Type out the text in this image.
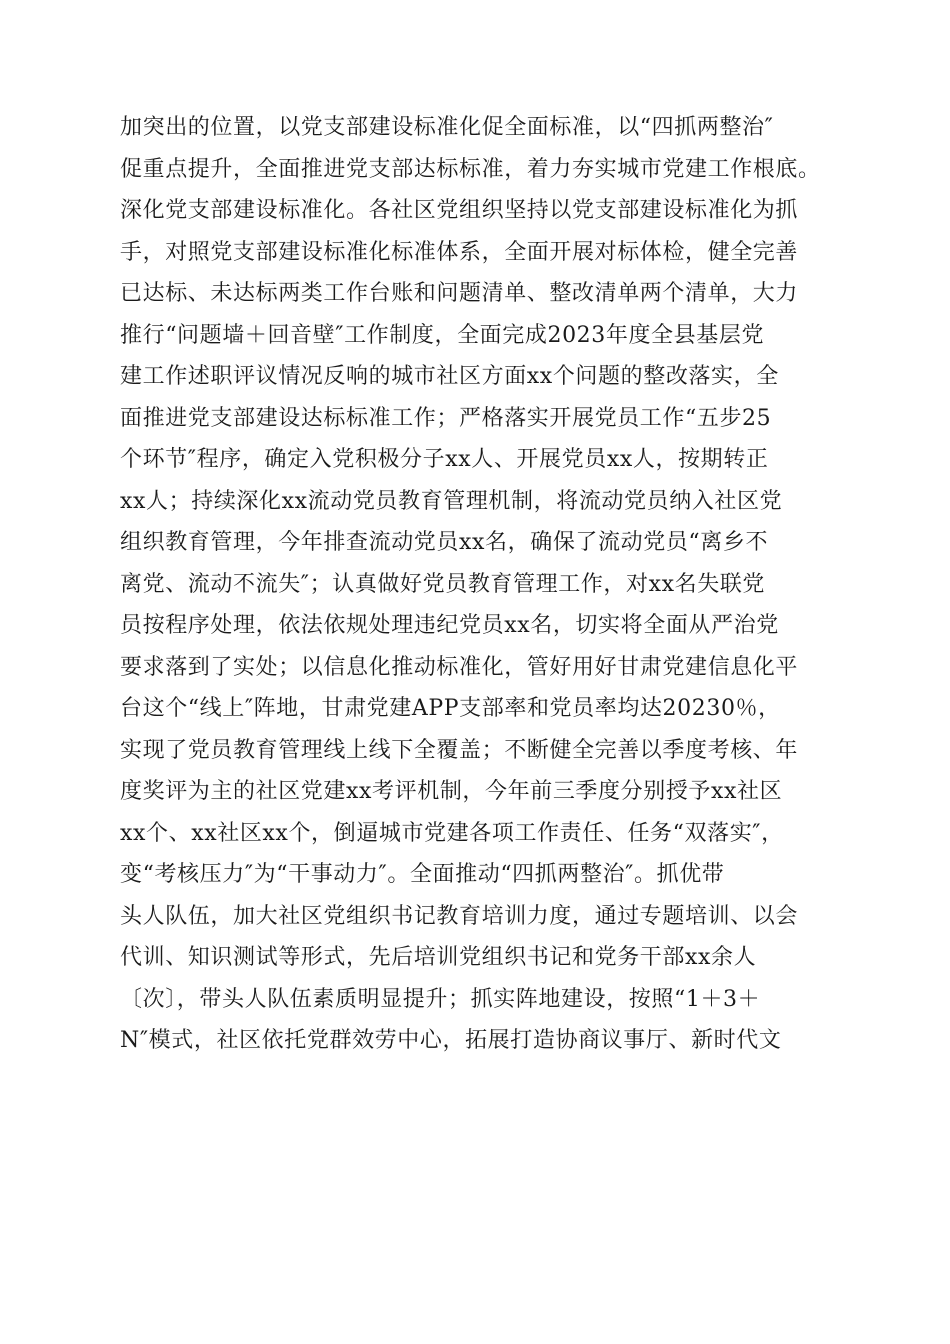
加突出的位置，以党支部建设标准化促全面标准，以“四抓两整治″
促重点提升，全面推进党支部达标标准，着力夯实城市党建工作根底。
深化党支部建设标准化。各社区党组织坚持以党支部建设标准化为抓
手，对照党支部建设标准化标准体系，全面开展对标体检，健全完善
已达标、未达标两类工作台账和问题清单、整改清单两个清单，大力
推行“问题墙＋回音壁″工作制度，全面完成2023年度全县基层党
建工作述职评议情况反响的城市社区方面xx个问题的整改落实，全
面推进党支部建设达标标准工作；严格落实开展党员工作“五步25
个环节″程序，确定入党积极分子xx人、开展党员xx人，按期转正
xx人；持续深化xx流动党员教育管理机制，将流动党员纳入社区党
组织教育管理，今年排查流动党员xx名，确保了流动党员“离乡不
离党、流动不流失″；认真做好党员教育管理工作，对xx名失联党
员按程序处理，依法依规处理违纪党员xx名，切实将全面从严治党
要求落到了实处；以信息化推动标准化，管好用好甘肃党建信息化平
台这个“线上″阵地，甘肃党建APP支部率和党员率均达20230％，
实现了党员教育管理线上线下全覆盖；不断健全完善以季度考核、年
度奖评为主的社区党建xx考评机制，今年前三季度分别授予xx社区
xx个、xx社区xx个，倒逼城市党建各项工作责任、任务“双落实″，
变“考核压力″为“干事动力″。全面推动“四抓两整治″。抓优带
头人队伍，加大社区党组织书记教育培训力度，通过专题培训、以会
代训、知识测试等形式，先后培训党组织书记和党务干部xx余人
〔次〕，带头人队伍素质明显提升；抓实阵地建设，按照“1＋3＋
N″模式，社区依托党群效劳中心，拓展打造协商议事厅、新时代文
